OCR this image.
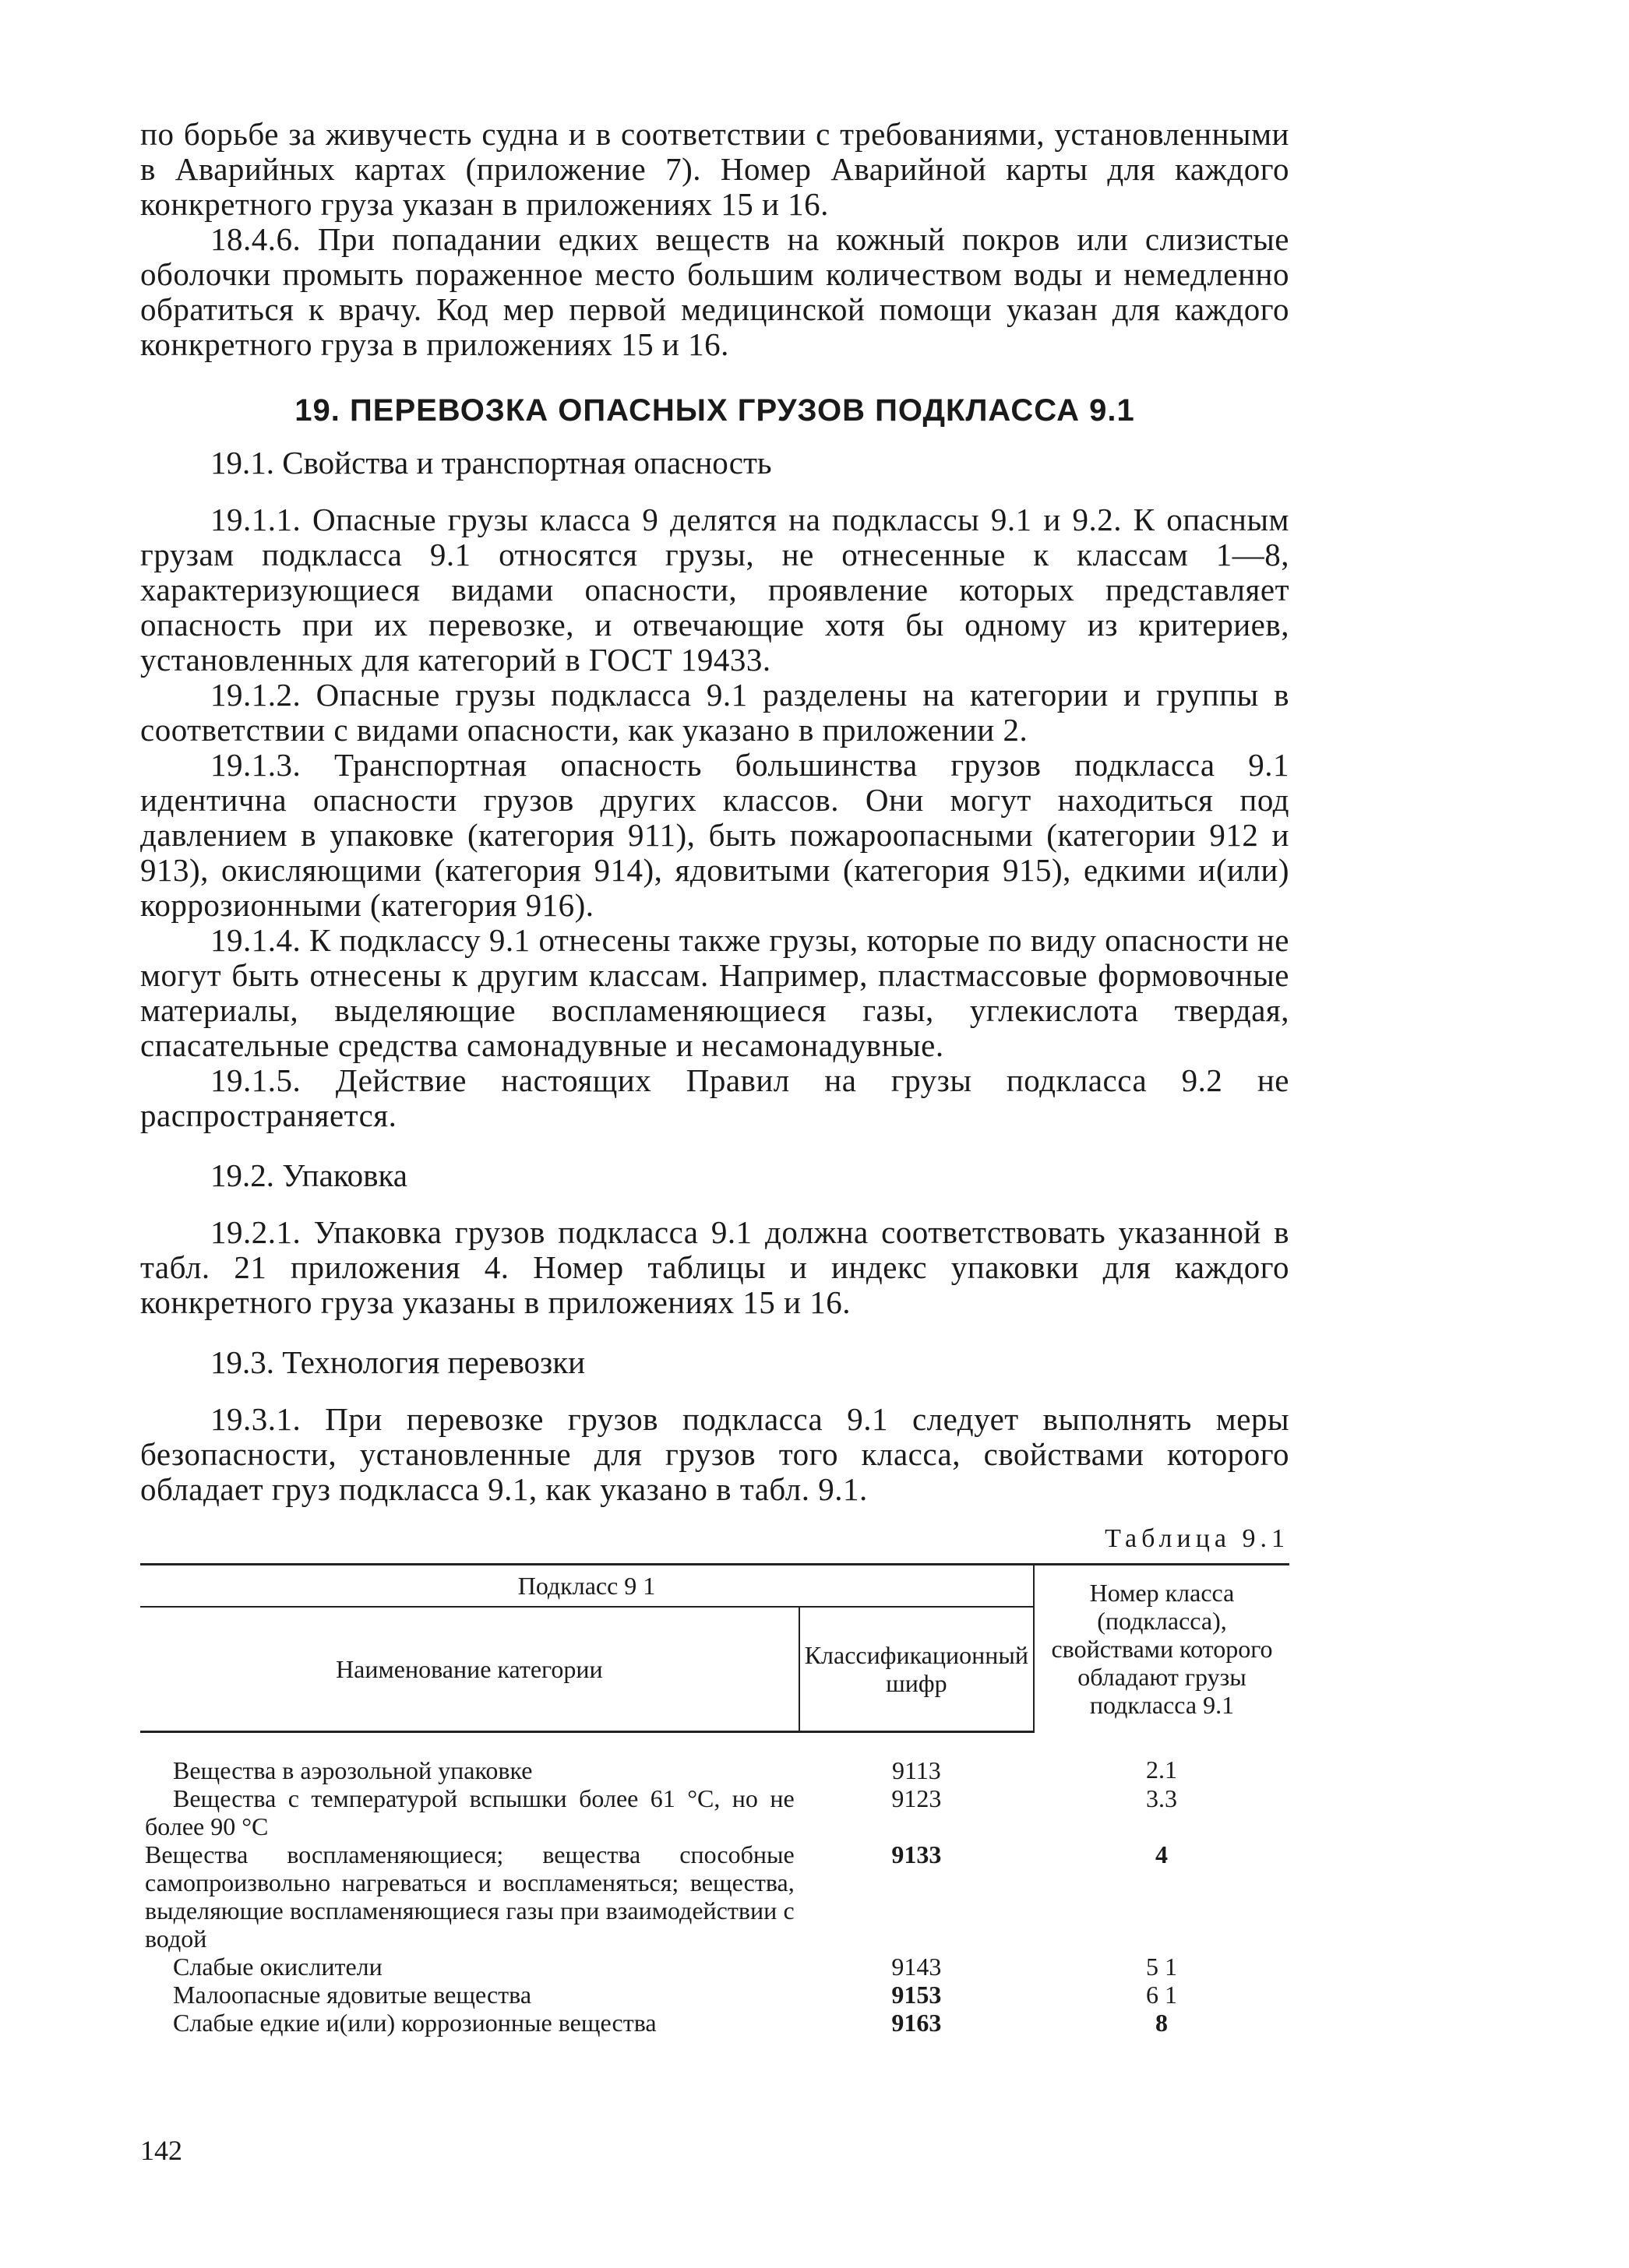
по борьбе за живучесть судна и в соответствии с требованиями, установленными в Аварийных картах (приложение 7). Номер Аварийной карты для каждого конкретного груза указан в приложениях 15 и 16.

18.4.6. При попадании едких веществ на кожный покров или слизистые оболочки промыть пораженное место большим количеством воды и немедленно обратиться к врачу. Код мер первой медицинской помощи указан для каждого конкретного груза в приложениях 15 и 16.

19. ПЕРЕВОЗКА ОПАСНЫХ ГРУЗОВ ПОДКЛАССА 9.1
19.1. Свойства и транспортная опасность

19.1.1. Опасные грузы класса 9 делятся на подклассы 9.1 и 9.2. К опасным грузам подкласса 9.1 относятся грузы, не отнесенные к классам 1—8, характеризующиеся видами опасности, проявление которых представляет опасность при их перевозке, и отвечающие хотя бы одному из критериев, установленных для категорий в ГОСТ 19433.

19.1.2. Опасные грузы подкласса 9.1 разделены на категории и группы в соответствии с видами опасности, как указано в приложении 2.

19.1.3. Транспортная опасность большинства грузов подкласса 9.1 идентична опасности грузов других классов. Они могут находиться под давлением в упаковке (категория 911), быть пожароопасными (категории 912 и 913), окисляющими (категория 914), ядовитыми (категория 915), едкими и(или) коррозионными (категория 916).

19.1.4. К подклассу 9.1 отнесены также грузы, которые по виду опасности не могут быть отнесены к другим классам. Например, пластмассовые формовочные материалы, выделяющие воспламеняющиеся газы, углекислота твердая, спасательные средства самонадувные и несамонадувные.

19.1.5. Действие настоящих Правил на грузы подкласса 9.2 не распространяется.

19.2. Упаковка

19.2.1. Упаковка грузов подкласса 9.1 должна соответствовать указанной в табл. 21 приложения 4. Номер таблицы и индекс упаковки для каждого конкретного груза указаны в приложениях 15 и 16.

19.3. Технология перевозки

19.3.1. При перевозке грузов подкласса 9.1 следует выполнять меры безопасности, установленные для грузов того класса, свойствами которого обладает груз подкласса 9.1, как указано в табл. 9.1.

Таблица 9.1
Подкласс 9 1		Номер класса (подкласса), свойствами которого обладают грузы подкласса 9.1
Наименование категории	Классификационный шифр	
Вещества в аэрозольной упаковке	9113	2.1
Вещества с температурой вспышки более 61 °С, но не более 90 °С	9123	3.3
Вещества воспламеняющиеся; вещества способные самопроизвольно нагреваться и воспламеняться; вещества, выделяющие воспламеняющиеся газы при взаимодействии с водой	9133	4
Слабые окислители	9143	5 1
Малоопасные ядовитые вещества	9153	6 1
Слабые едкие и(или) коррозионные вещества	9163	8
142
